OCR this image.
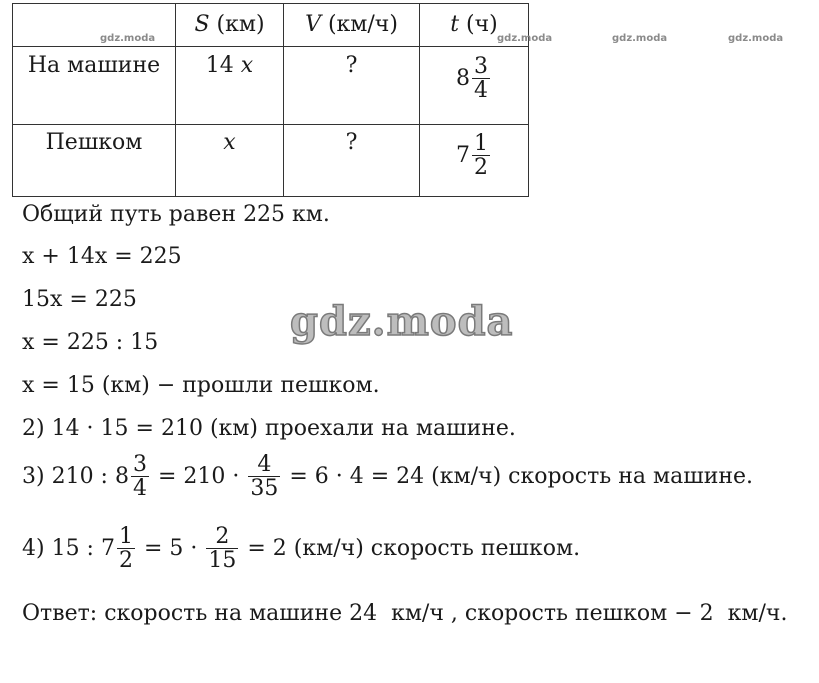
	S (км)	V (км/ч)	t (ч)
На машине	14 x	?	$8 \frac{3}{4}$

Пешком	x	?	$7 \frac{1}{2}$
gdz.moda	gdz.moda	gdz.moda	gdz.moda
gdz.moda
Общий путь равен 225 км.
x + 14x = 225
15x = 225
x = 225 : 15
x = 15 (км) − прошли пешком.
2) 14 · 15 = 210 (км) проехали на машине.
3) 210 : $8 \frac{3}{4} = 210 \cdot \frac{4}{35} = 6 \cdot 4 = 24$ (км/ч) скорость на машине.
4) 15 : $7 \frac{1}{2} = 5 \cdot \frac{2}{15} = 2$ (км/ч) скорость пешком.
Ответ: скорость на машине 24  км/ч , скорость пешком − 2  км/ч.
